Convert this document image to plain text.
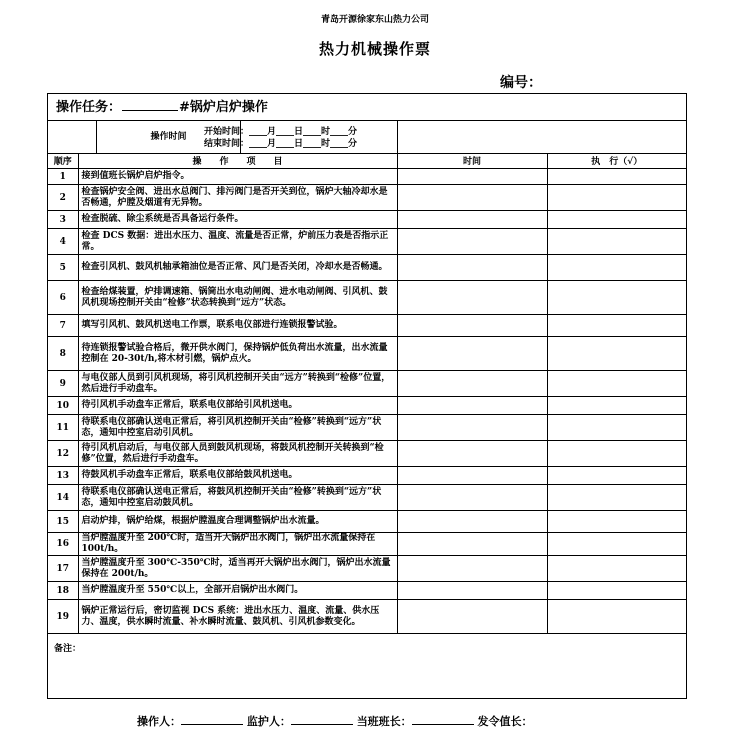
青岛开源徐家东山热力公司
热力机械操作票
编号：
操作任务：	#锅炉启炉操作
操作时间	开始时间：____月____日____时____分
结束时间：____月____日____时____分
顺序	操　　作　　项　　目	时间	执　行（√）
1	接到值班长锅炉启炉指令。		
2	检查锅炉安全阀、进出水总阀门、排污阀门是否开关到位，锅炉大轴冷却水是否畅通，炉膛及烟道有无异物。		
3	检查脱硫、除尘系统是否具备运行条件。		
4	检查 DCS 数据：进出水压力、温度、流量是否正常，炉前压力表是否指示正常。		
5	检查引风机、鼓风机轴承箱油位是否正常、风门是否关闭，冷却水是否畅通。		
6	检查给煤装置，炉排调速箱、锅筒出水电动闸阀、进水电动闸阀、引风机、鼓风机现场控制开关由“检修”状态转换到“远方”状态。		
7	填写引风机、鼓风机送电工作票，联系电仪部进行连锁报警试验。		
8	待连锁报警试验合格后，微开供水阀门，保持锅炉低负荷出水流量，出水流量控制在 20-30t/h,将木材引燃，锅炉点火。		
9	与电仪部人员到引风机现场，将引风机控制开关由“远方”转换到“检修”位置，然后进行手动盘车。		
10	待引风机手动盘车正常后，联系电仪部给引风机送电。		
11	待联系电仪部确认送电正常后，将引风机控制开关由“检修”转换到“远方”状态，通知中控室启动引风机。		
12	待引风机启动后，与电仪部人员到鼓风机现场，将鼓风机控制开关转换到“检修”位置，然后进行手动盘车。		
13	待鼓风机手动盘车正常后，联系电仪部给鼓风机送电。		
14	待联系电仪部确认送电正常后，将鼓风机控制开关由“检修”转换到“远方”状态，通知中控室启动鼓风机。		
15	启动炉排，锅炉给煤，根据炉膛温度合理调整锅炉出水流量。		
16	当炉膛温度升至 200℃时，适当开大锅炉出水阀门，锅炉出水流量保持在 100t/h。		
17	当炉膛温度升至 300℃-350℃时，适当再开大锅炉出水阀门，锅炉出水流量保持在 200t/h。		
18	当炉膛温度升至 550℃以上，全部开启锅炉出水阀门。		
19	锅炉正常运行后，密切监视 DCS 系统：进出水压力、温度、流量、供水压力、温度，供水瞬时流量、补水瞬时流量、鼓风机、引风机参数变化。		
备注：
操作人：	监护人：	当班班长：	发令值长：
